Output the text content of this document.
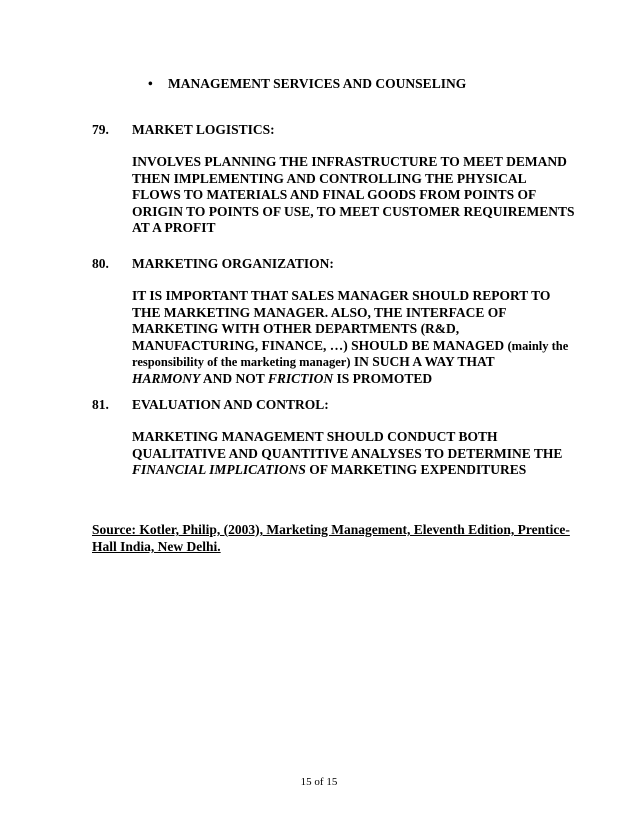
• MANAGEMENT SERVICES AND COUNSELING
79. MARKET LOGISTICS:
INVOLVES PLANNING THE INFRASTRUCTURE TO MEET DEMAND
THEN IMPLEMENTING AND CONTROLLING THE PHYSICAL
FLOWS TO MATERIALS AND FINAL GOODS FROM POINTS OF
ORIGIN TO POINTS OF USE, TO MEET CUSTOMER REQUIREMENTS
AT A PROFIT
80. MARKETING ORGANIZATION:
IT IS IMPORTANT THAT SALES MANAGER SHOULD REPORT TO
THE MARKETING MANAGER. ALSO, THE INTERFACE OF
MARKETING WITH OTHER DEPARTMENTS (R&D,
MANUFACTURING, FINANCE, …) SHOULD BE MANAGED (mainly the
responsibility of the marketing manager) IN SUCH A WAY THAT
HARMONY AND NOT FRICTION IS PROMOTED
81. EVALUATION AND CONTROL:
MARKETING MANAGEMENT SHOULD CONDUCT BOTH
QUALITATIVE AND QUANTITIVE ANALYSES TO DETERMINE THE
FINANCIAL IMPLICATIONS OF MARKETING EXPENDITURES
Source: Kotler, Philip, (2003), Marketing Management, Eleventh Edition, Prentice-
Hall India, New Delhi.
15 of 15
